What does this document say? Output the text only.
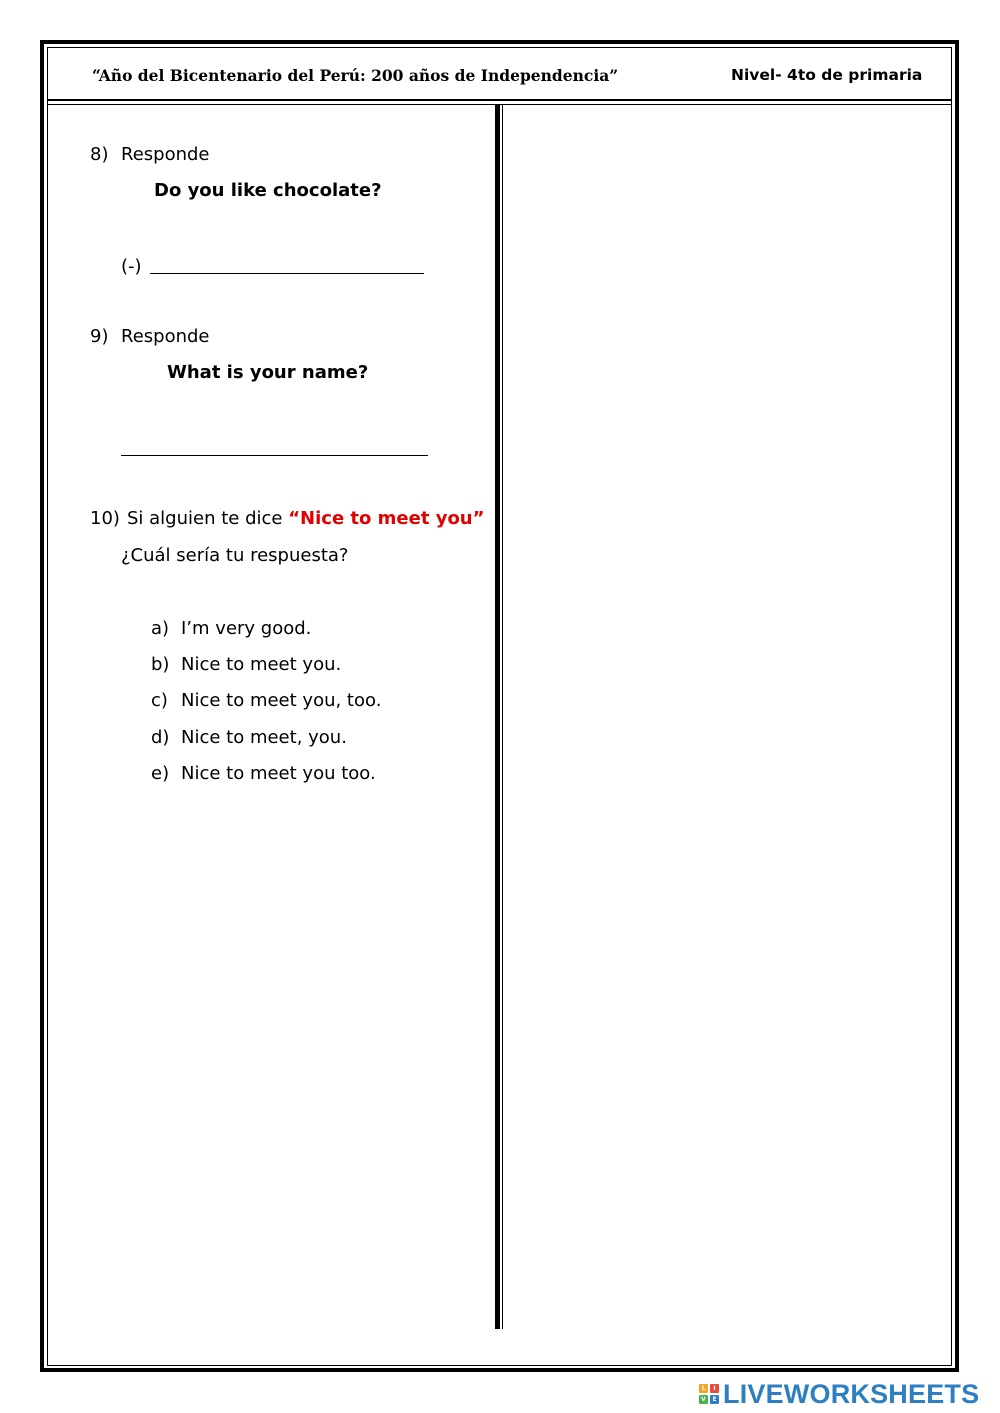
“Año del Bicentenario del Perú: 200 años de Independencia”	Nivel- 4to de primaria
8) Responde
Do you like chocolate?
(-)
9) Responde
What is your name?
10) Si alguien te dice “Nice to meet you”
¿Cuál sería tu respuesta?
a) I’m very good.
b) Nice to meet you.
c) Nice to meet you, too.
d) Nice to meet, you.
e) Nice to meet you too.
L	I
V	E LIVEWORKSHEETS
